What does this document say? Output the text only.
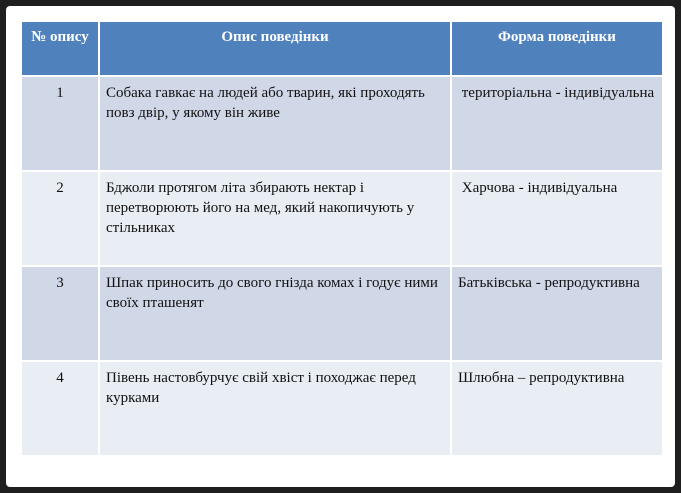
№ опису	Опис поведінки	Форма поведінки
1	Собака гавкає на людей або тварин, які проходять повз двір, у якому він живе	територіальна - індивідуальна
2	Бджоли протягом літа збирають нектар і перетворюють його на мед, який накопичують у стільниках	Харчова - індивідуальна
3	Шпак приносить до свого гнізда комах і годує ними своїх пташенят	Батьківська - репродуктивна
4	Півень настовбурчує свій хвіст і походжає перед курками	Шлюбна – репродуктивна
